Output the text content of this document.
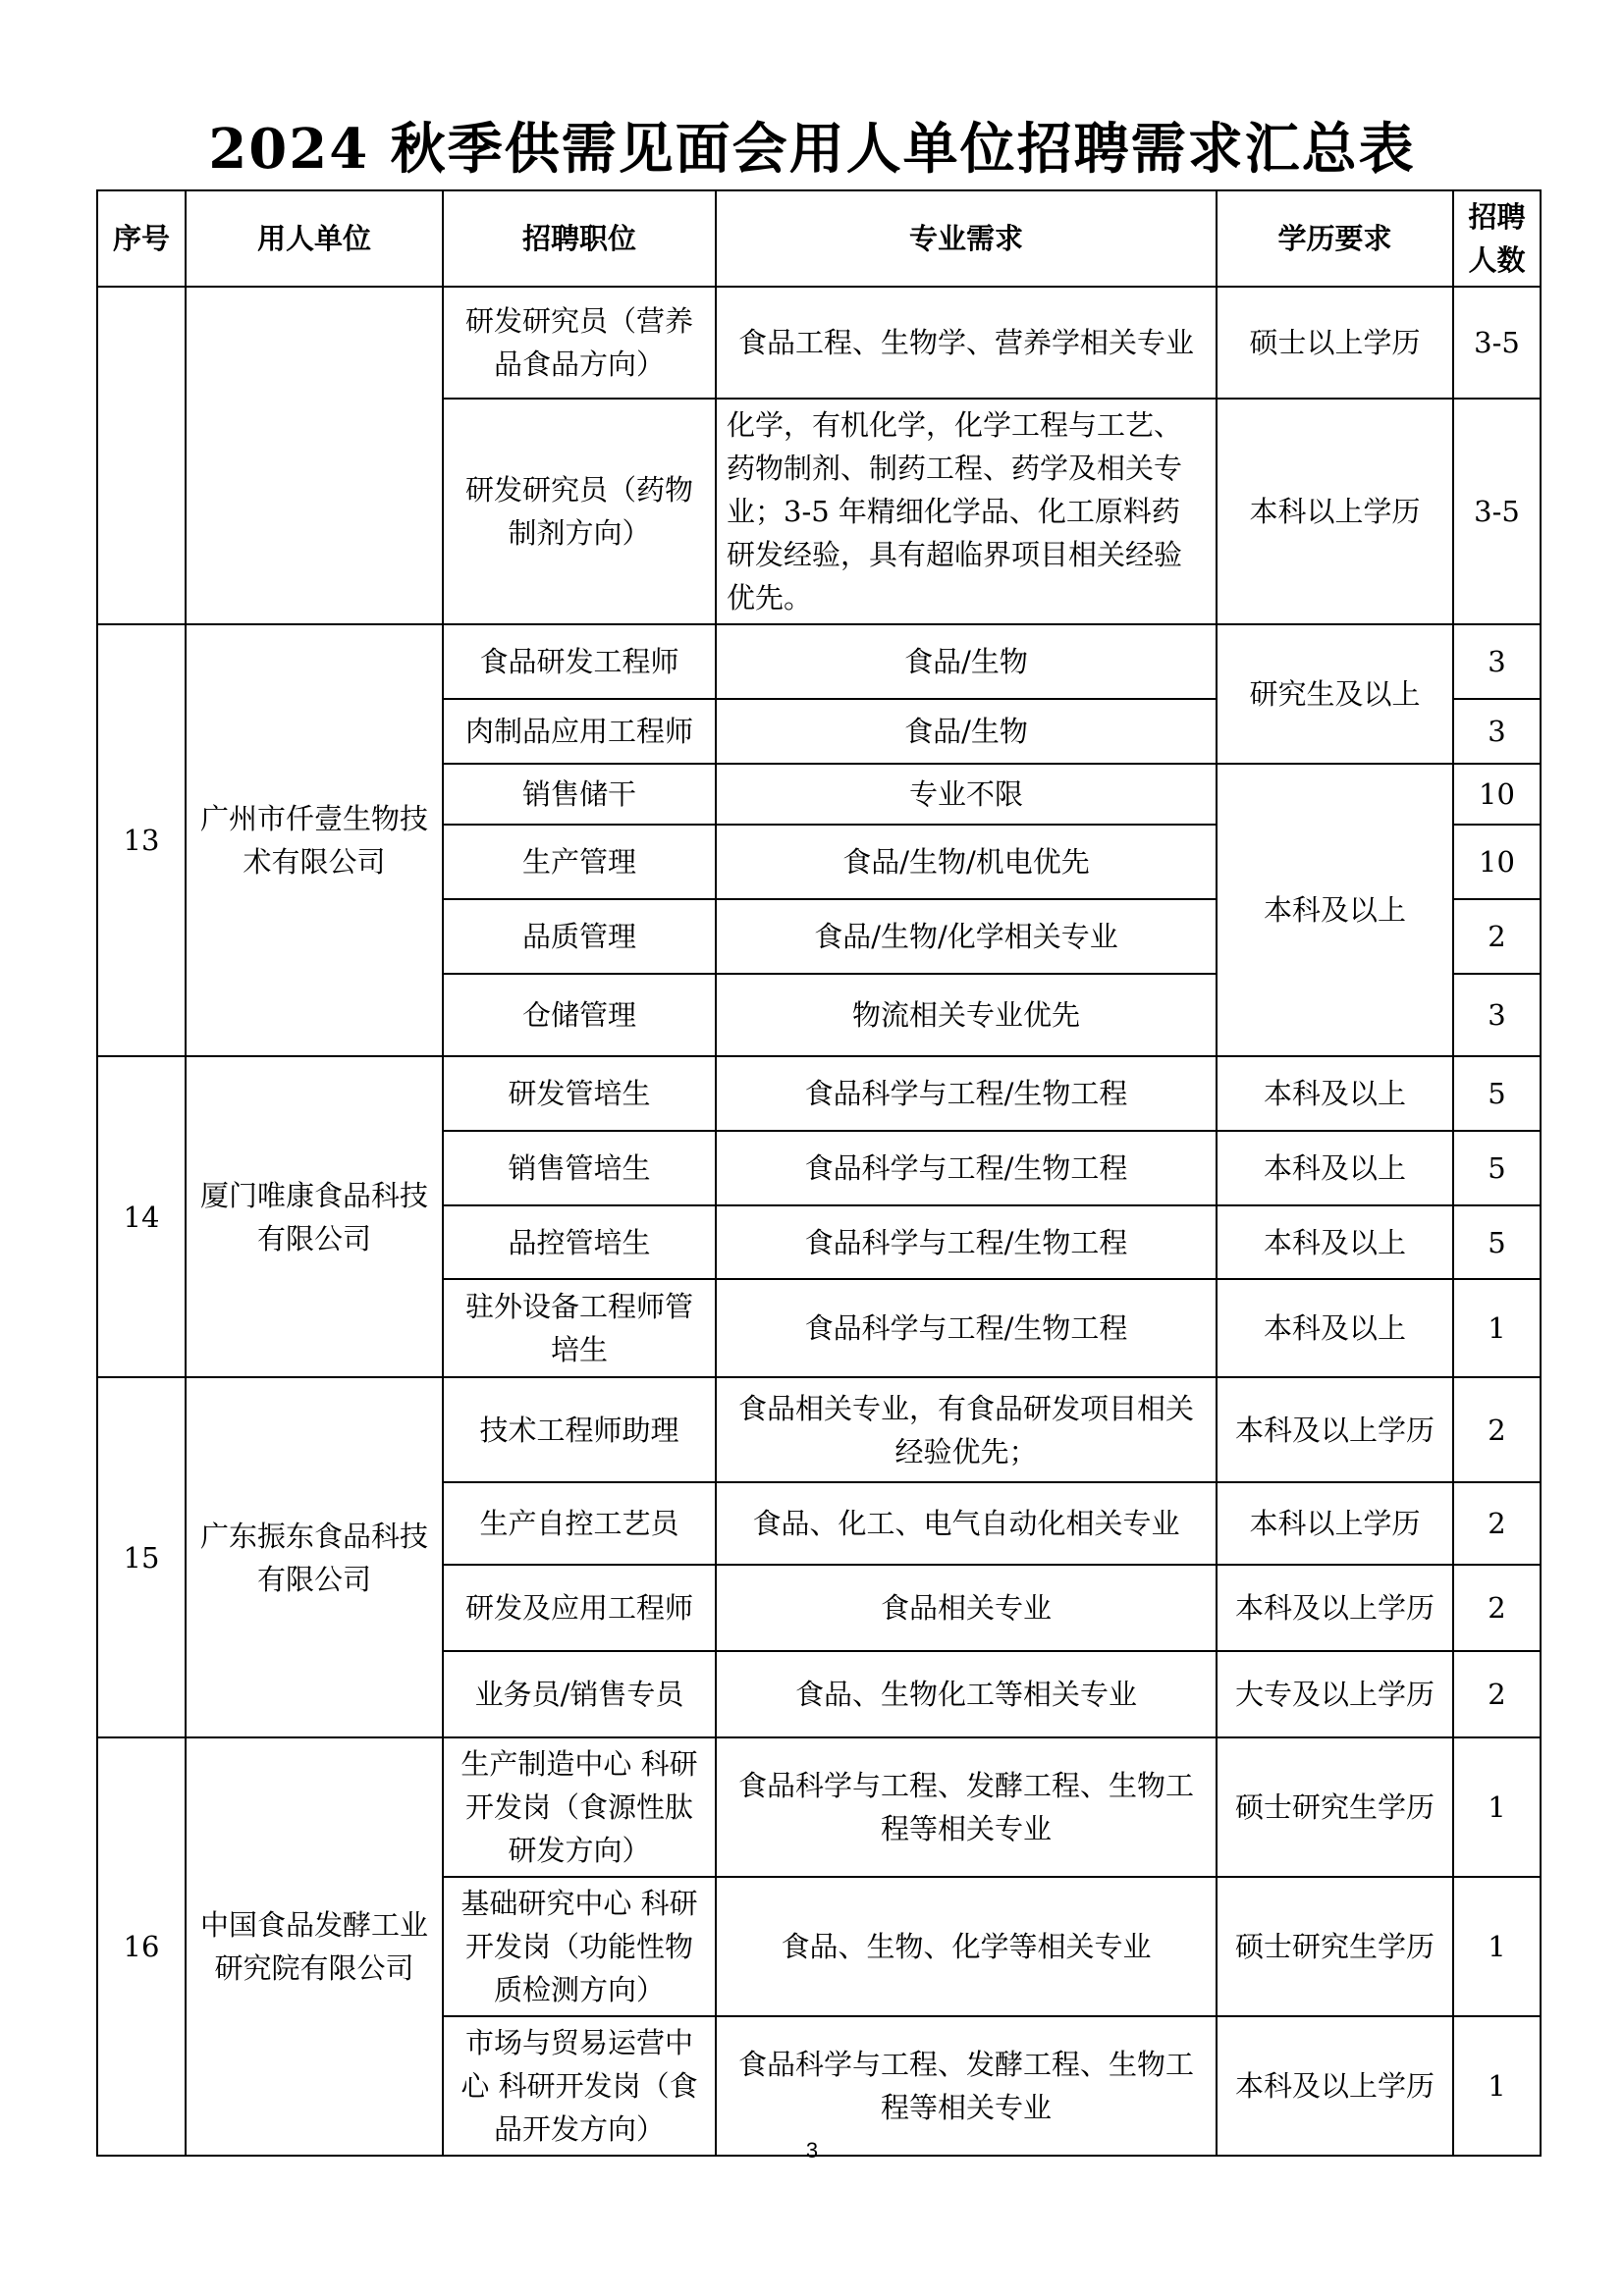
2024 秋季供需见面会用人单位招聘需求汇总表
序号	用人单位	招聘职位	专业需求	学历要求	招聘人数
		研发研究员（营养品食品方向）	食品工程、生物学、营养学相关专业	硕士以上学历	3-5
		研发研究员（药物制剂方向）	化学，有机化学，化学工程与工艺、药物制剂、制药工程、药学及相关专业；3-5 年精细化学品、化工原料药研发经验，具有超临界项目相关经验优先。	本科以上学历	3-5
13	广州市仟壹生物技术有限公司	食品研发工程师	食品/生物	研究生及以上	3
		肉制品应用工程师	食品/生物		3
		销售储干	专业不限	本科及以上	10
		生产管理	食品/生物/机电优先		10
		品质管理	食品/生物/化学相关专业		2
		仓储管理	物流相关专业优先		3
14	厦门唯康食品科技有限公司	研发管培生	食品科学与工程/生物工程	本科及以上	5
		销售管培生	食品科学与工程/生物工程	本科及以上	5
		品控管培生	食品科学与工程/生物工程	本科及以上	5
		驻外设备工程师管培生	食品科学与工程/生物工程	本科及以上	1
15	广东振东食品科技有限公司	技术工程师助理	食品相关专业，有食品研发项目相关经验优先；	本科及以上学历	2
		生产自控工艺员	食品、化工、电气自动化相关专业	本科以上学历	2
		研发及应用工程师	食品相关专业	本科及以上学历	2
		业务员/销售专员	食品、生物化工等相关专业	大专及以上学历	2
16	中国食品发酵工业研究院有限公司	生产制造中心 科研开发岗（食源性肽研发方向）	食品科学与工程、发酵工程、生物工程等相关专业	硕士研究生学历	1
		基础研究中心 科研开发岗（功能性物质检测方向）	食品、生物、化学等相关专业	硕士研究生学历	1
		市场与贸易运营中心 科研开发岗（食品开发方向）	食品科学与工程、发酵工程、生物工程等相关专业	本科及以上学历	1
3
